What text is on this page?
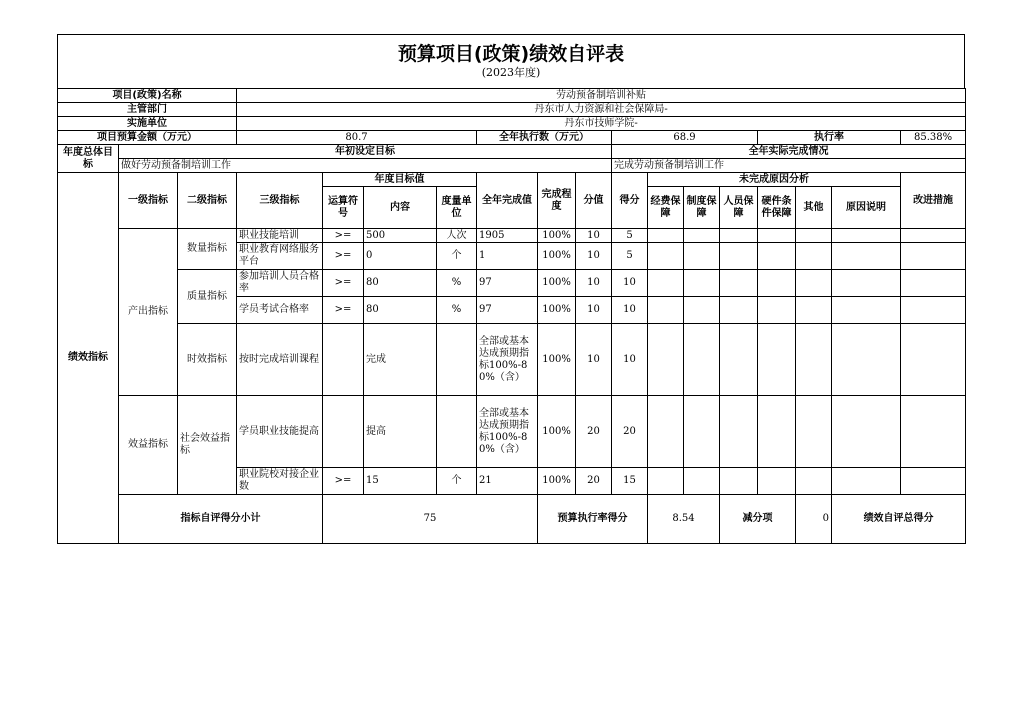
预算项目(政策)绩效自评表
(2023年度)
项目(政策)名称			劳动预备制培训补贴															
主管部门			丹东市人力资源和社会保障局-															
实施单位			丹东市技师学院-															
项目预算金额（万元）			80.7				全年执行数（万元）			68.9				执行率			85.38%	
年度总体目标	年初设定目标									全年实际完成情况								
	做好劳动预备制培训工作									完成劳动预备制培训工作								
绩效指标	一级指标	二级指标	三级指标	年度目标值			全年完成值	完成程度	分值	得分	未完成原因分析						改进措施	
				运算符号	内容	度量单位					经费保障	制度保障	人员保障	硬件条件保障	其他	原因说明		
	产出指标	数量指标	职业技能培训	>=	500	人次	1905	100%	10	5								
			职业教育网络服务平台	>=	0	个	1	100%	10	5								
		质量指标	参加培训人员合格率	>=	80	%	97	100%	10	10								
			学员考试合格率	>=	80	%	97	100%	10	10								
		时效指标	按时完成培训课程		完成		全部或基本达成预期指标100%-80%（含）	100%	10	10								
	效益指标	社会效益指标	学员职业技能提高		提高		全部或基本达成预期指标100%-80%（含）	100%	20	20								
			职业院校对接企业数	>=	15	个	21	100%	20	15								
	指标自评得分小计			75				预算执行率得分			8.54		减分项		0	绩效自评总得分	
